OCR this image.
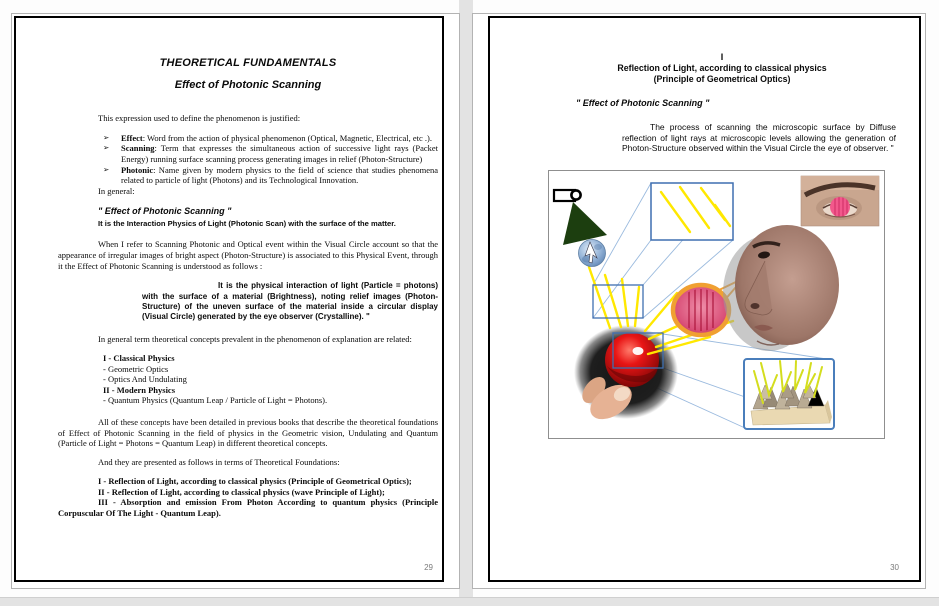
THEORETICAL FUNDAMENTALS
Effect of Photonic Scanning
This expression used to define the phenomenon is justified:
➢ Effect: Word from the action of physical phenomenon (Optical, Magnetic, Electrical, etc .).
➢ Scanning: Term that expresses the simultaneous action of successive light rays (Packet Energy) running surface scanning process generating images in relief (Photon-Structure)
➢ Photonic: Name given by modern physics to the field of science that studies phenomena related to particle of light (Photons) and its Technological Innovation.
In general:
" Effect of Photonic Scanning "
It is the Interaction Physics of Light (Photonic Scan) with the surface of the matter.

When I refer to Scanning Photonic and Optical event within the Visual Circle account so that the appearance of irregular images of bright aspect (Photon-Structure) is associated to this Physical Event, through it the Effect of Photonic Scanning is understood as follows :

It is the physical interaction of light (Particle = photons) with the surface of a material (Brightness), noting relief images (Photon-Structure) of the uneven surface of the material inside a circular display (Visual Circle) generated by the eye observer (Crystalline). "

In general term theoretical concepts prevalent in the phenomenon of explanation are related:

I - Classical Physics
- Geometric Optics
- Optics And Undulating
II - Modern Physics
- Quantum Physics (Quantum Leap / Particle of Light = Photons).

All of these concepts have been detailed in previous books that describe the theoretical foundations of Effect of Photonic Scanning in the field of physics in the Geometric vision, Undulating and Quantum (Particle of Light = Photons = Quantum Leap) in different theoretical concepts.

And they are presented as follows in terms of Theoretical Foundations:

I - Reflection of Light, according to classical physics (Principle of Geometrical Optics);

II - Reflection of Light, according to classical physics (wave Principle of Light);

III - Absorption and emission From Photon According to quantum physics (Principle Corpuscular Of The Light - Quantum Leap).

29
I
Reflection of Light, according to classical physics
(Principle of Geometrical Optics)
" Effect of Photonic Scanning "

The process of scanning the microscopic surface by Diffuse reflection of light rays at microscopic levels allowing the generation of Photon-Structure observed within the Visual Circle the eye of observer. "

30
